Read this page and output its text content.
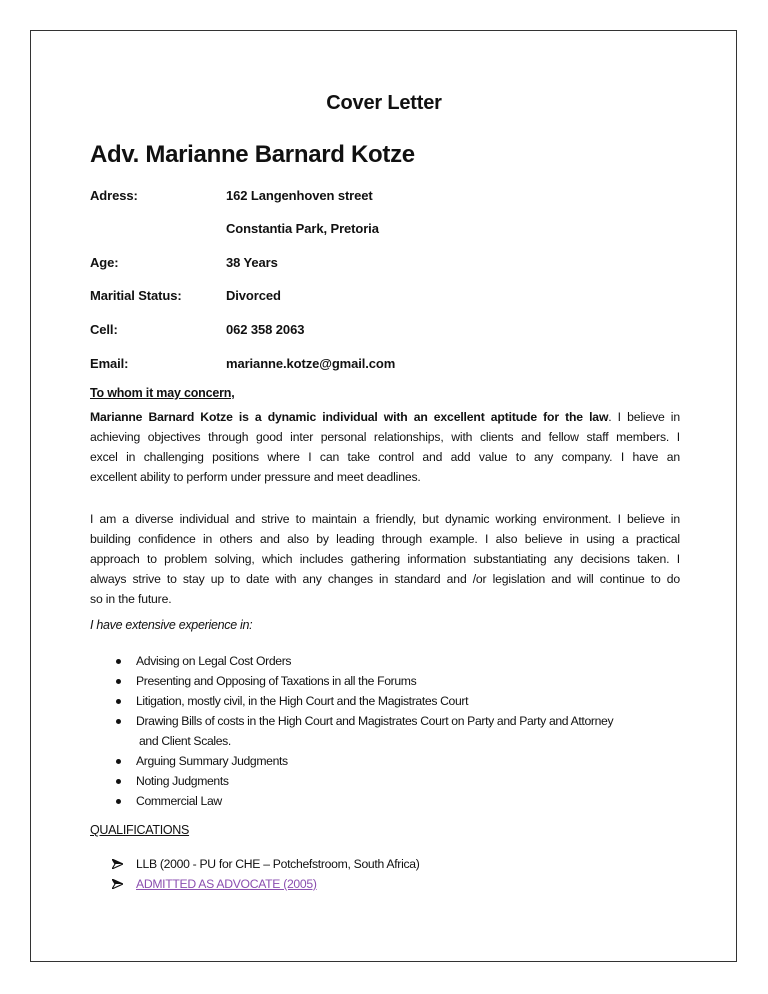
Cover Letter
Adv. Marianne Barnard Kotze
Adress:	162 Langenhoven street
Constantia Park, Pretoria
Age:	38 Years
Maritial Status:	Divorced
Cell:	062 358 2063
Email:	marianne.kotze@gmail.com
To whom it may concern,
Marianne Barnard Kotze is a dynamic individual with an excellent aptitude for the law. I believe in
achieving objectives through good inter personal relationships, with clients and fellow staff members. I
excel in challenging positions where I can take control and add value to any company. I have an
excellent ability to perform under pressure and meet deadlines.
I am a diverse individual and strive to maintain a friendly, but dynamic working environment. I believe in
building confidence in others and also by leading through example. I also believe in using a practical
approach to problem solving, which includes gathering information substantiating any decisions taken. I
always strive to stay up to date with any changes in standard and /or legislation and will continue to do
so in the future.
I have extensive experience in:
Advising on Legal Cost Orders
Presenting and Opposing of Taxations in all the Forums
Litigation, mostly civil, in the High Court and the Magistrates Court
Drawing Bills of costs in the High Court and Magistrates Court on Party and Party and Attorney
and Client Scales.
Arguing Summary Judgments
Noting Judgments
Commercial Law
QUALIFICATIONS
LLB (2000 - PU for CHE – Potchefstroom, South Africa)
ADMITTED AS ADVOCATE (2005)
